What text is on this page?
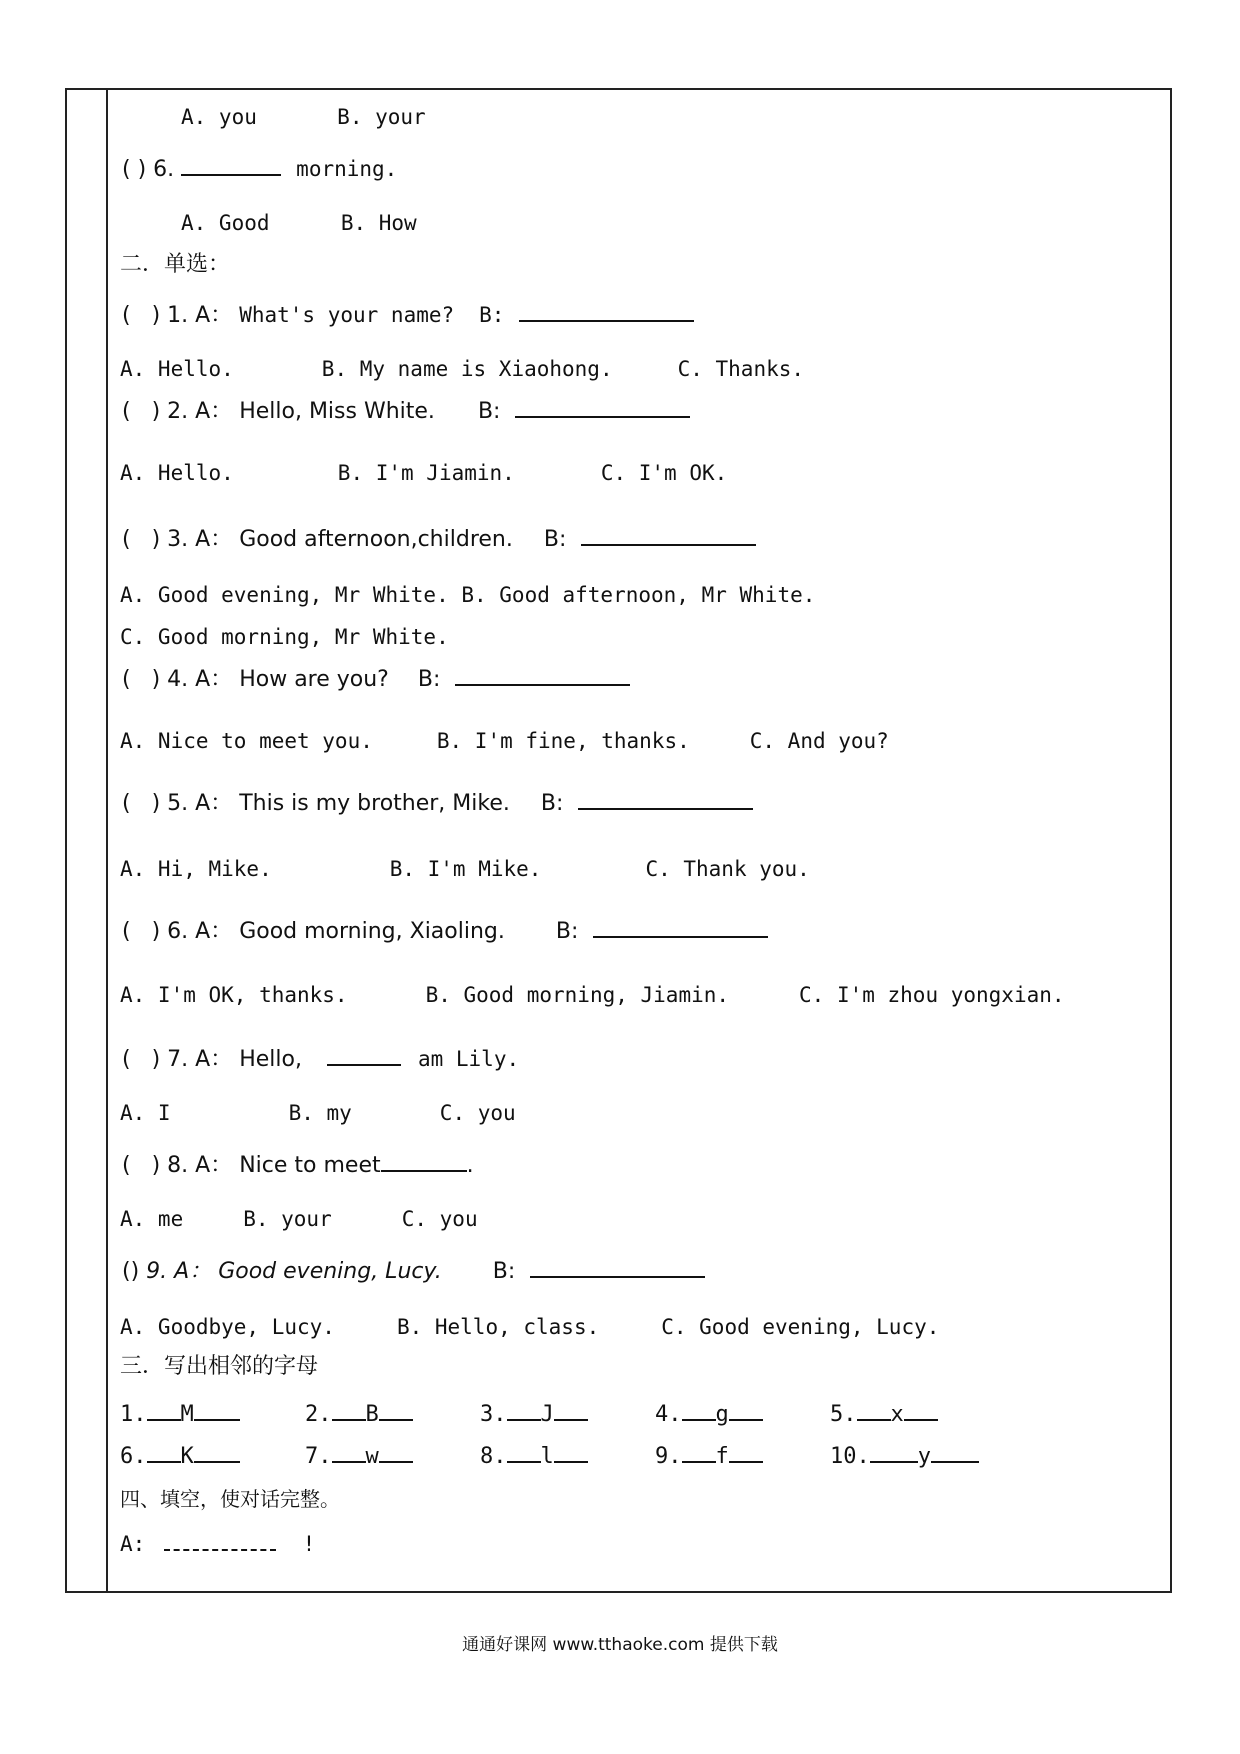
A. you	B. your
( ) 6.	morning.
A. Good	B. How
二．单选：
(   ) 1. A： What's your name? B:
A. Hello.	B. My name is Xiaohong.	C. Thanks.
(   ) 2. A： Hello, Miss White. B:
A. Hello.	B. I'm Jiamin.	C. I'm OK.
(   ) 3. A： Good afternoon,children. B:
A. Good evening, Mr White. B. Good afternoon, Mr White.
C. Good morning, Mr White.
(   ) 4. A： How are you? B:
A. Nice to meet you.	B. I'm fine, thanks.	C. And you?
(   ) 5. A： This is my brother, Mike. B:
A. Hi, Mike.	B. I'm Mike.	C. Thank you.
(   ) 6. A： Good morning, Xiaoling. B:
A. I'm OK, thanks.	B. Good morning, Jiamin.	C. I'm zhou yongxian.
(   ) 7. A： Hello,	am Lily.
A. I	B. my	C. you
(   ) 8. A： Nice to meet	.
A. me	B. your	C. you
() 9. A： Good evening, Lucy. B:
A. Goodbye, Lucy.	B. Hello, class.	C. Good evening, Lucy.
三．写出相邻的字母
1. M	2. B	3. J	4. g	5. x
6. K	7. w	8. l	9. f	10. y
四、填空，使对话完整。
A:	!
通通好课网 www.tthaoke.com 提供下载
